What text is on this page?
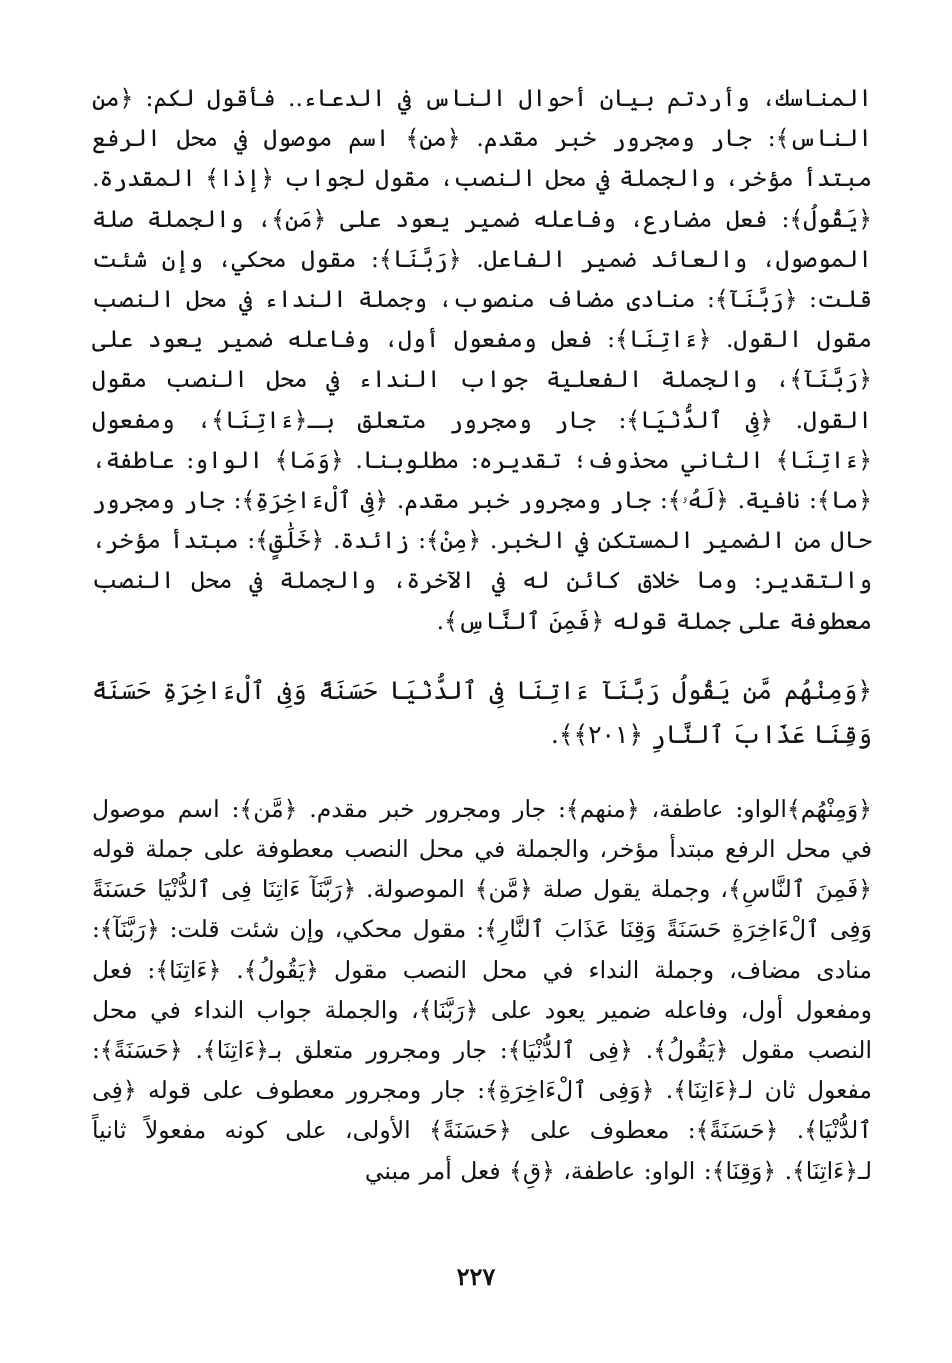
المناسك، وأردتم بيان أحوال الناس في الدعاء.. فأقول لكم: ﴿من الناس﴾: جار ومجرور خبر مقدم. ﴿من﴾ اسم موصول في محل الرفع مبتدأ مؤخر، والجملة في محل النصب، مقول لجواب ﴿إذا﴾ المقدرة. ﴿يَقُولُ﴾: فعل مضارع، وفاعله ضمير يعود على ﴿مَن﴾، والجملة صلة الموصول، والعائد ضمير الفاعل. ﴿رَبَّنَا﴾: مقول محكي، وإن شئت قلت: ﴿رَبَّنَآ﴾: منادى مضاف منصوب، وجملة النداء في محل النصب مقول القول. ﴿ءَاتِنَا﴾: فعل ومفعول أول، وفاعله ضمير يعود على ﴿رَبَّنَآ﴾، والجملة الفعلية جواب النداء في محل النصب مقول القول. ﴿فِى ٱلدُّنْيَا﴾: جار ومجرور متعلق بـ﴿ءَاتِنَا﴾، ومفعول ﴿ءَاتِنَا﴾ الثاني محذوف؛ تقديره: مطلوبنا. ﴿وَمَا﴾ الواو: عاطفة، ﴿ما﴾: نافية. ﴿لَهُۥ﴾: جار ومجرور خبر مقدم. ﴿فِى ٱلْءَاخِرَةِ﴾: جار ومجرور حال من الضمير المستكن في الخبر. ﴿مِنْ﴾: زائدة. ﴿خَلَٰقٍ﴾: مبتدأ مؤخر، والتقدير: وما خلاق كائن له في الآخرة، والجملة في محل النصب معطوفة على جملة قوله ﴿فَمِنَ ٱلنَّاسِ﴾.

﴿وَمِنْهُم مَّن يَقُولُ رَبَّنَآ ءَاتِنَا فِى ٱلدُّنْيَا حَسَنَةً وَفِى ٱلْءَاخِرَةِ حَسَنَةً وَقِنَا عَذَابَ ٱلنَّارِ ﴿٢٠١﴾﴾.

﴿وَمِنْهُم﴾الواو: عاطفة، ﴿منهم﴾: جار ومجرور خبر مقدم. ﴿مَّن﴾: اسم موصول في محل الرفع مبتدأ مؤخر، والجملة في محل النصب معطوفة على جملة قوله ﴿فَمِنَ ٱلنَّاسِ﴾، وجملة يقول صلة ﴿مَّن﴾ الموصولة. ﴿رَبَّنَآ ءَاتِنَا فِى ٱلدُّنْيَا حَسَنَةً وَفِى ٱلْءَاخِرَةِ حَسَنَةً وَقِنَا عَذَابَ ٱلنَّارِ﴾: مقول محكي، وإن شئت قلت: ﴿رَبَّنَآ﴾: منادى مضاف، وجملة النداء في محل النصب مقول ﴿يَقُولُ﴾. ﴿ءَاتِنَا﴾: فعل ومفعول أول، وفاعله ضمير يعود على ﴿رَبَّنَا﴾، والجملة جواب النداء في محل النصب مقول ﴿يَقُولُ﴾. ﴿فِى ٱلدُّنْيَا﴾: جار ومجرور متعلق بـ﴿ءَاتِنَا﴾. ﴿حَسَنَةً﴾: مفعول ثان لـ﴿ءَاتِنَا﴾. ﴿وَفِى ٱلْءَاخِرَةِ﴾: جار ومجرور معطوف على قوله ﴿فِى ٱلدُّنْيَا﴾. ﴿حَسَنَةً﴾: معطوف على ﴿حَسَنَةً﴾ الأولى، على كونه مفعولاً ثانياً لـ﴿ءَاتِنَا﴾. ﴿وَقِنَا﴾: الواو: عاطفة، ﴿قِ﴾ فعل أمر مبني

٢٢٧
